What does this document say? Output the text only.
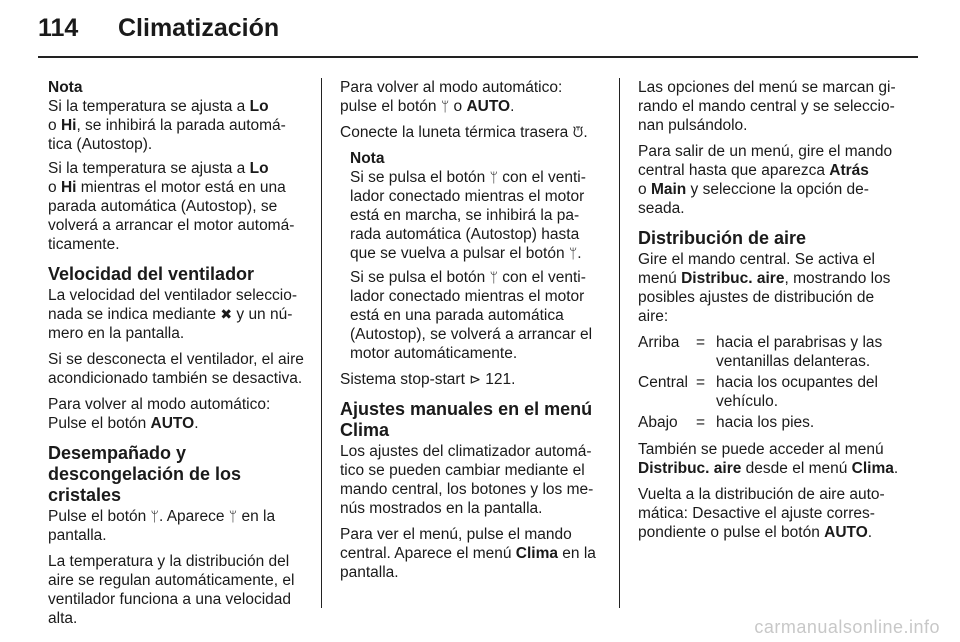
114 Climatización
Nota

Si la temperatura se ajusta a Lo
o Hi, se inhibirá la parada automá-tica (Autostop).

Si la temperatura se ajusta a Lo
o Hi mientras el motor está en una parada automática (Autostop), se volverá a arrancar el motor automá-ticamente.

Velocidad del ventilador

La velocidad del ventilador seleccio-nada se indica mediante ✖ y un nú-mero en la pantalla.

Si se desconecta el ventilador, el aire acondicionado también se desactiva.

Para volver al modo automático: Pulse el botón AUTO.

Desempañado y descongelación de los cristales

Pulse el botón ᛘ. Aparece ᛘ en la pantalla.

La temperatura y la distribución del aire se regulan automáticamente, el ventilador funciona a una velocidad alta.

Para volver al modo automático: pulse el botón ᛘ o AUTO.

Conecte la luneta térmica trasera ᙈ.

Nota

Si se pulsa el botón ᛘ con el venti-lador conectado mientras el motor está en marcha, se inhibirá la pa-rada automática (Autostop) hasta que se vuelva a pulsar el botón ᛘ.

Si se pulsa el botón ᛘ con el venti-lador conectado mientras el motor está en una parada automática (Autostop), se volverá a arrancar el motor automáticamente.

Sistema stop-start ⊳ 121.

Ajustes manuales en el menú Clima

Los ajustes del climatizador automá-tico se pueden cambiar mediante el mando central, los botones y los me-nús mostrados en la pantalla.

Para ver el menú, pulse el mando central. Aparece el menú Clima en la pantalla.

Las opciones del menú se marcan gi-rando el mando central y se seleccio-nan pulsándolo.

Para salir de un menú, gire el mando central hasta que aparezca Atrás
o Main y seleccione la opción de-seada.

Distribución de aire

Gire el mando central. Se activa el menú Distribuc. aire, mostrando los posibles ajustes de distribución de aire:

Arriba	= hacia el parabrisas y las ventanillas delanteras.
Central = hacia los ocupantes del vehículo.
Abajo	= hacia los pies.

También se puede acceder al menú Distribuc. aire desde el menú Clima.

Vuelta a la distribución de aire auto-mática: Desactive el ajuste corres-pondiente o pulse el botón AUTO.

carmanualsonline.info
